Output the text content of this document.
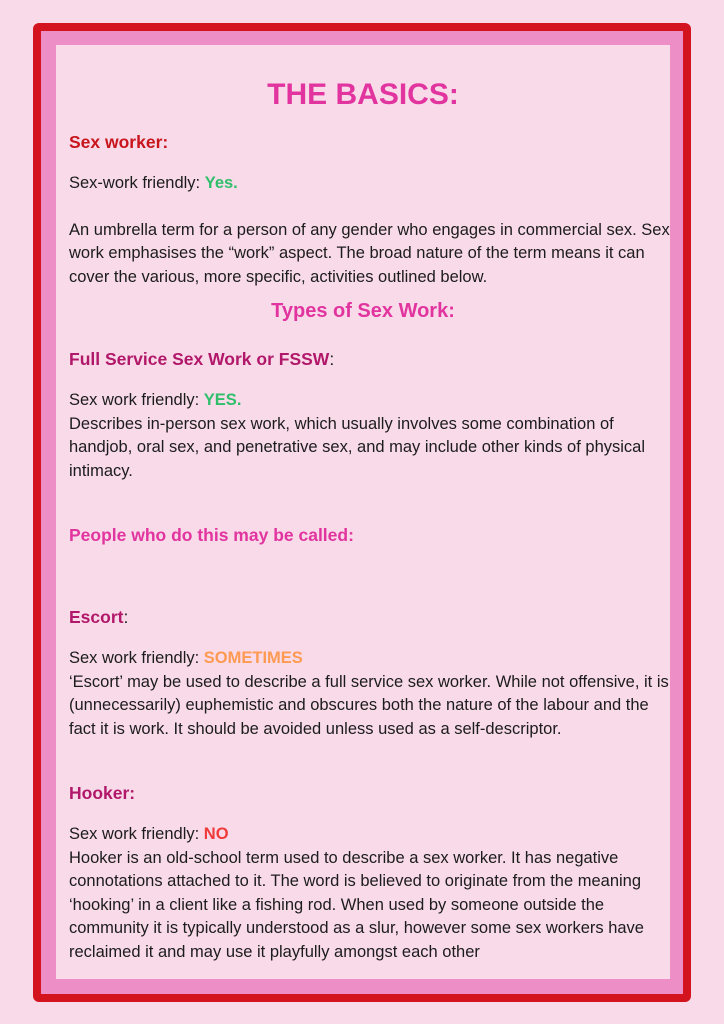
THE BASICS:

Sex worker:

Sex-work friendly: Yes.

An umbrella term for a person of any gender who engages in commercial sex. Sex work emphasises the “work” aspect. The broad nature of the term means it can cover the various, more specific, activities outlined below.

Types of Sex Work:

Full Service Sex Work or FSSW:

Sex work friendly: YES.

Describes in-person sex work, which usually involves some combination of handjob, oral sex, and penetrative sex, and may include other kinds of physical intimacy.

People who do this may be called:

Escort:

Sex work friendly: SOMETIMES

‘Escort’ may be used to describe a full service sex worker. While not offensive, it is (unnecessarily) euphemistic and obscures both the nature of the labour and the fact it is work. It should be avoided unless used as a self-descriptor.

Hooker:

Sex work friendly: NO

Hooker is an old-school term used to describe a sex worker. It has negative connotations attached to it. The word is believed to originate from the meaning ‘hooking’ in a client like a fishing rod. When used by someone outside the community it is typically understood as a slur, however some sex workers have reclaimed it and may use it playfully amongst each other
